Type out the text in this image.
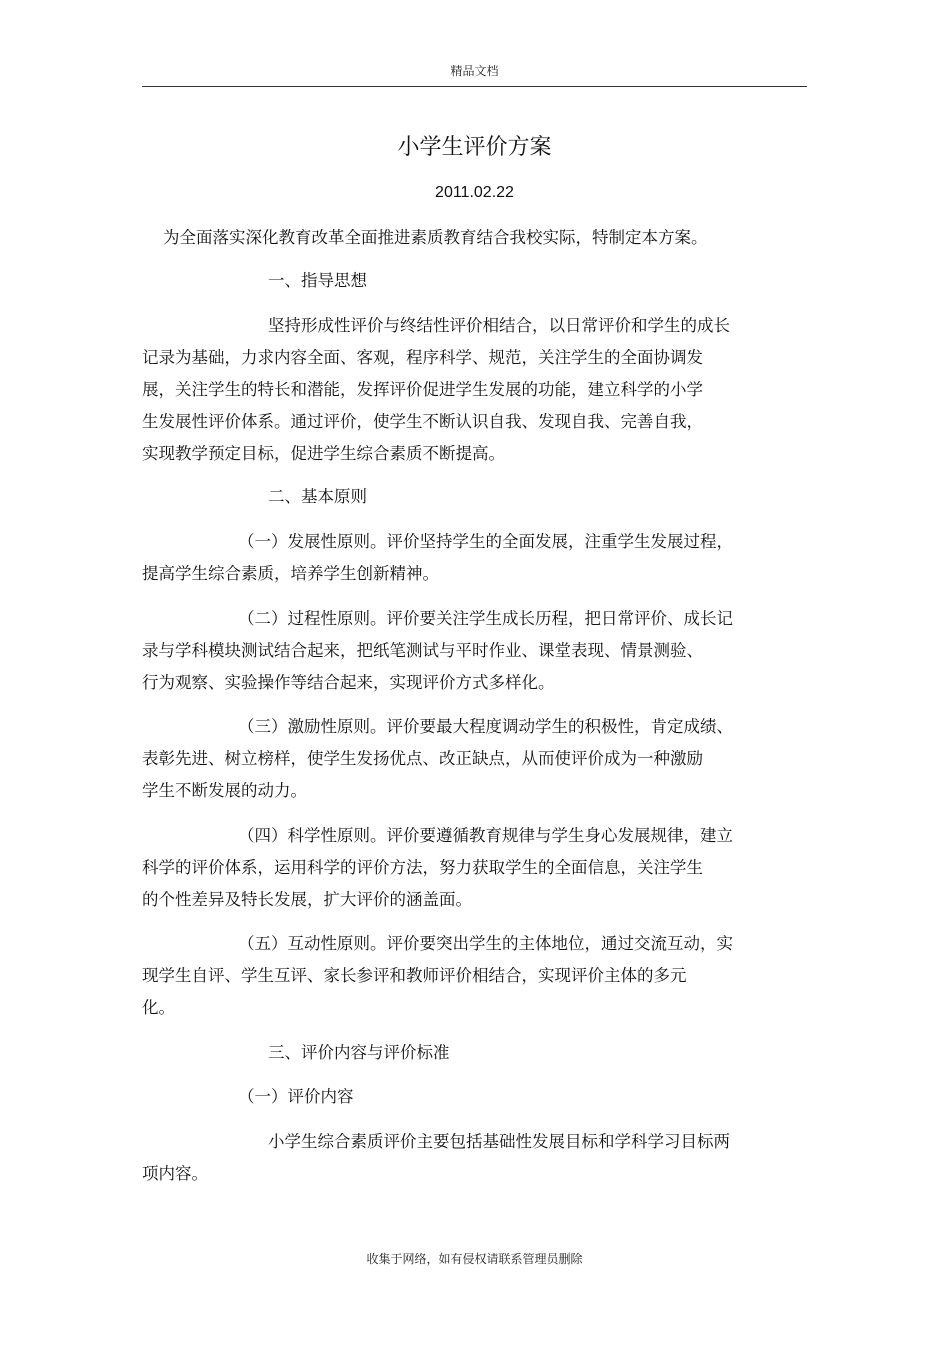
精品文档
小学生评价方案
2011.02.22
为全面落实深化教育改革全面推进素质教育结合我校实际，特制定本方案。
一、指导思想
坚持形成性评价与终结性评价相结合，以日常评价和学生的成长
记录为基础，力求内容全面、客观，程序科学、规范，关注学生的全面协调发
展，关注学生的特长和潜能，发挥评价促进学生发展的功能，建立科学的小学
生发展性评价体系。通过评价，使学生不断认识自我、发现自我、完善自我，
实现教学预定目标，促进学生综合素质不断提高。
二、基本原则
（一）发展性原则。评价坚持学生的全面发展，注重学生发展过程，
提高学生综合素质，培养学生创新精神。
（二）过程性原则。评价要关注学生成长历程，把日常评价、成长记
录与学科模块测试结合起来，把纸笔测试与平时作业、课堂表现、情景测验、
行为观察、实验操作等结合起来，实现评价方式多样化。
（三）激励性原则。评价要最大程度调动学生的积极性，肯定成绩、
表彰先进、树立榜样，使学生发扬优点、改正缺点，从而使评价成为一种激励
学生不断发展的动力。
（四）科学性原则。评价要遵循教育规律与学生身心发展规律，建立
科学的评价体系，运用科学的评价方法，努力获取学生的全面信息，关注学生
的个性差异及特长发展，扩大评价的涵盖面。
（五）互动性原则。评价要突出学生的主体地位，通过交流互动，实
现学生自评、学生互评、家长参评和教师评价相结合，实现评价主体的多元
化。
三、评价内容与评价标准
（一）评价内容
小学生综合素质评价主要包括基础性发展目标和学科学习目标两
项内容。
收集于网络，如有侵权请联系管理员删除
